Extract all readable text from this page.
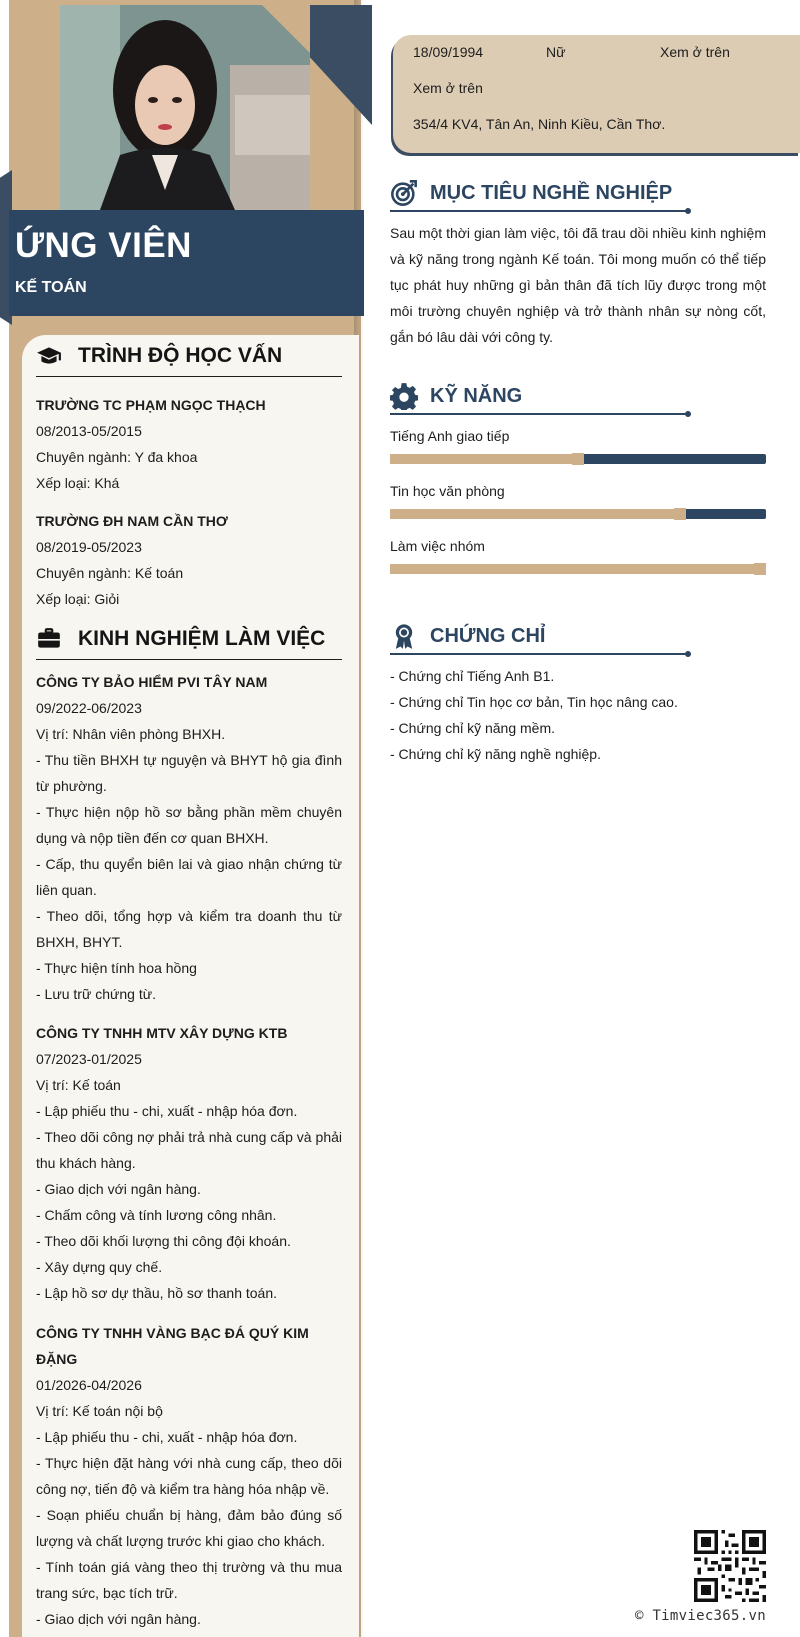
ỨNG VIÊN
KẾ TOÁN
TRÌNH ĐỘ HỌC VẤN
TRƯỜNG TC PHẠM NGỌC THẠCH
08/2013-05/2015
Chuyên ngành: Y đa khoa
Xếp loại: Khá
TRƯỜNG ĐH NAM CẦN THƠ
08/2019-05/2023
Chuyên ngành: Kế toán
Xếp loại: Giỏi
KINH NGHIỆM LÀM VIỆC
CÔNG TY BẢO HIỂM PVI TÂY NAM
09/2022-06/2023
Vị trí: Nhân viên phòng BHXH.
- Thu tiền BHXH tự nguyện và BHYT hộ gia đình từ phường.
- Thực hiện nộp hồ sơ bằng phần mềm chuyên dụng và nộp tiền đến cơ quan BHXH.
- Cấp, thu quyển biên lai và giao nhận chứng từ liên quan.
- Theo dõi, tổng hợp và kiểm tra doanh thu từ BHXH, BHYT.
- Thực hiện tính hoa hồng
- Lưu trữ chứng từ.
CÔNG TY TNHH MTV XÂY DỰNG KTB
07/2023-01/2025
Vị trí: Kế toán
- Lập phiếu thu - chi, xuất - nhập hóa đơn.
- Theo dõi công nợ phải trả nhà cung cấp và phải thu khách hàng.
- Giao dịch với ngân hàng.
- Chấm công và tính lương công nhân.
- Theo dõi khối lượng thi công đội khoán.
- Xây dựng quy chế.
- Lập hồ sơ dự thầu, hồ sơ thanh toán.
CÔNG TY TNHH VÀNG BẠC ĐÁ QUÝ KIM ĐẶNG
01/2026-04/2026
Vị trí: Kế toán nội bộ
- Lập phiếu thu - chi, xuất - nhập hóa đơn.
- Thực hiện đặt hàng với nhà cung cấp, theo dõi công nợ, tiến độ và kiểm tra hàng hóa nhập về.
- Soạn phiếu chuẩn bị hàng, đảm bảo đúng số lượng và chất lượng trước khi giao cho khách.
- Tính toán giá vàng theo thị trường và thu mua trang sức, bạc tích trữ.
- Giao dịch với ngân hàng.
18/09/1994	Nữ	Xem ở trên
Xem ở trên
354/4 KV4, Tân An, Ninh Kiều, Cần Thơ.
MỤC TIÊU NGHỀ NGHIỆP
Sau một thời gian làm việc, tôi đã trau dồi nhiều kinh nghiệm và kỹ năng trong ngành Kế toán. Tôi mong muốn có thể tiếp tục phát huy những gì bản thân đã tích lũy được trong một môi trường chuyên nghiệp và trở thành nhân sự nòng cốt, gắn bó lâu dài với công ty.
KỸ NĂNG
Tiếng Anh giao tiếp
Tin học văn phòng
Làm việc nhóm
CHỨNG CHỈ
- Chứng chỉ Tiếng Anh B1.
- Chứng chỉ Tin học cơ bản, Tin học nâng cao.
- Chứng chỉ kỹ năng mềm.
- Chứng chỉ kỹ năng nghề nghiệp.
© Timviec365.vn
